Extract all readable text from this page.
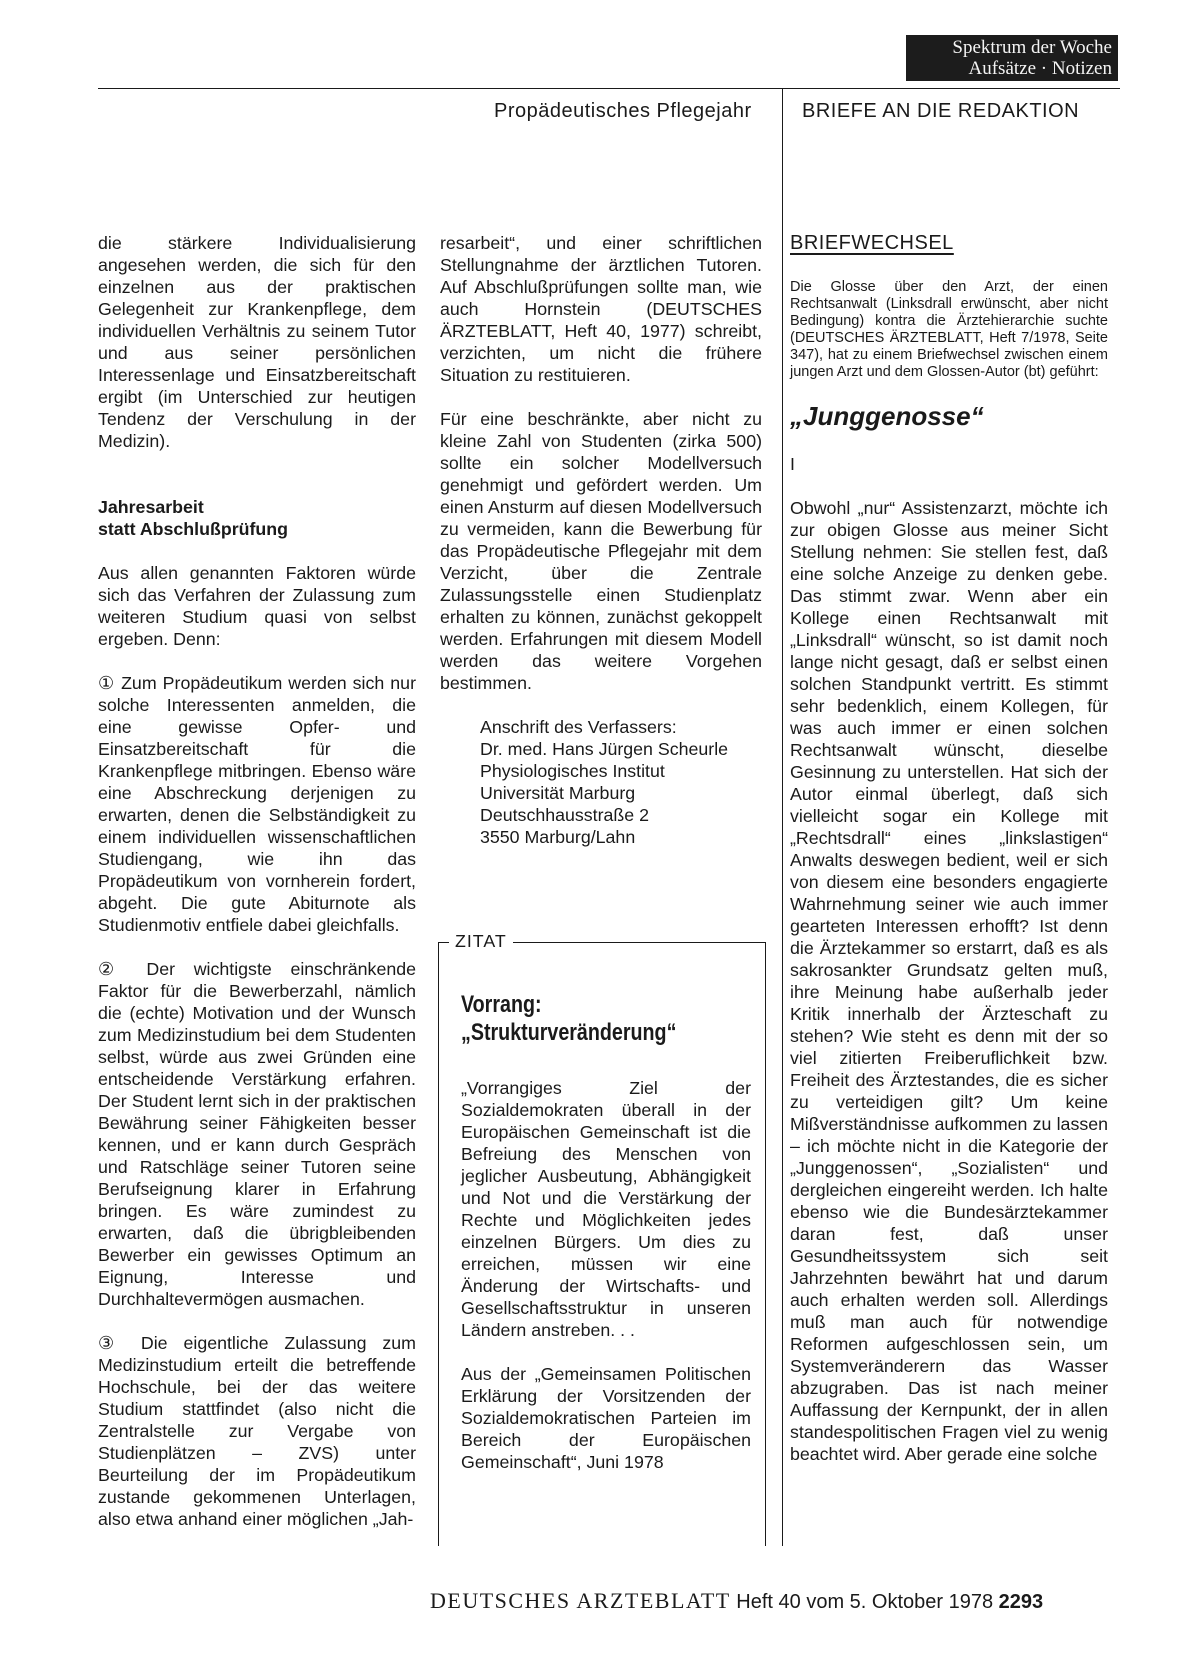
Spektrum der Woche
Aufsätze · Notizen
Propädeutisches Pflegejahr	BRIEFE AN DIE REDAKTION

die stärkere Individualisierung angesehen werden, die sich für den einzelnen aus der praktischen Gelegenheit zur Krankenpflege, dem individuellen Verhältnis zu seinem Tutor und aus seiner persönlichen Interessenlage und Einsatzbereitschaft ergibt (im Unterschied zur heutigen Tendenz der Verschulung in der Medizin).

Jahresarbeit
statt Abschlußprüfung

Aus allen genannten Faktoren würde sich das Verfahren der Zulassung zum weiteren Studium quasi von selbst ergeben. Denn:

① Zum Propädeutikum werden sich nur solche Interessenten anmelden, die eine gewisse Opfer- und Einsatzbereitschaft für die Krankenpflege mitbringen. Ebenso wäre eine Abschreckung derjenigen zu erwarten, denen die Selbständigkeit zu einem individuellen wissenschaftlichen Studiengang, wie ihn das Propädeutikum von vornherein fordert, abgeht. Die gute Abiturnote als Studienmotiv entfiele dabei gleichfalls.

② Der wichtigste einschränkende Faktor für die Bewerberzahl, nämlich die (echte) Motivation und der Wunsch zum Medizinstudium bei dem Studenten selbst, würde aus zwei Gründen eine entscheidende Verstärkung erfahren. Der Student lernt sich in der praktischen Bewährung seiner Fähigkeiten besser kennen, und er kann durch Gespräch und Ratschläge seiner Tutoren seine Berufseignung klarer in Erfahrung bringen. Es wäre zumindest zu erwarten, daß die übrigbleibenden Bewerber ein gewisses Optimum an Eignung, Interesse und Durchhaltevermögen ausmachen.

③ Die eigentliche Zulassung zum Medizinstudium erteilt die betreffende Hochschule, bei der das weitere Studium stattfindet (also nicht die Zentralstelle zur Vergabe von Studienplätzen – ZVS) unter Beurteilung der im Propädeutikum zustande gekommenen Unterlagen, also etwa anhand einer möglichen „Jah-

resarbeit“, und einer schriftlichen Stellungnahme der ärztlichen Tutoren. Auf Abschlußprüfungen sollte man, wie auch Hornstein (DEUTSCHES ÄRZTEBLATT, Heft 40, 1977) schreibt, verzichten, um nicht die frühere Situation zu restituieren.

Für eine beschränkte, aber nicht zu kleine Zahl von Studenten (zirka 500) sollte ein solcher Modellversuch genehmigt und gefördert werden. Um einen Ansturm auf diesen Modellversuch zu vermeiden, kann die Bewerbung für das Propädeutische Pflegejahr mit dem Verzicht, über die Zentrale Zulassungsstelle einen Studienplatz erhalten zu können, zunächst gekoppelt werden. Erfahrungen mit diesem Modell werden das weitere Vorgehen bestimmen.

Anschrift des Verfassers:
Dr. med. Hans Jürgen Scheurle
Physiologisches Institut
Universität Marburg
Deutschhausstraße 2
3550 Marburg/Lahn
ZITAT
Vorrang:
„Strukturveränderung“

„Vorrangiges Ziel der Sozialdemokraten überall in der Europäischen Gemeinschaft ist die Befreiung des Menschen von jeglicher Ausbeutung, Abhängigkeit und Not und die Verstärkung der Rechte und Möglichkeiten jedes einzelnen Bürgers. Um dies zu erreichen, müssen wir eine Änderung der Wirtschafts- und Gesellschaftsstruktur in unseren Ländern anstreben. . .

Aus der „Gemeinsamen Politischen Erklärung der Vorsitzenden der Sozialdemokratischen Parteien im Bereich der Europäischen Gemeinschaft“, Juni 1978

BRIEFWECHSEL
Die Glosse über den Arzt, der einen Rechtsanwalt (Linksdrall erwünscht, aber nicht Bedingung) kontra die Ärztehierarchie suchte (DEUTSCHES ÄRZTEBLATT, Heft 7/1978, Seite 347), hat zu einem Briefwechsel zwischen einem jungen Arzt und dem Glossen-Autor (bt) geführt:
„Junggenosse“
I
Obwohl „nur“ Assistenzarzt, möchte ich zur obigen Glosse aus meiner Sicht Stellung nehmen: Sie stellen fest, daß eine solche Anzeige zu denken gebe. Das stimmt zwar. Wenn aber ein Kollege einen Rechtsanwalt mit „Linksdrall“ wünscht, so ist damit noch lange nicht gesagt, daß er selbst einen solchen Standpunkt vertritt. Es stimmt sehr bedenklich, einem Kollegen, für was auch immer er einen solchen Rechtsanwalt wünscht, dieselbe Gesinnung zu unterstellen. Hat sich der Autor einmal überlegt, daß sich vielleicht sogar ein Kollege mit „Rechtsdrall“ eines „linkslastigen“ Anwalts deswegen bedient, weil er sich von diesem eine besonders engagierte Wahrnehmung seiner wie auch immer gearteten Interessen erhofft? Ist denn die Ärztekammer so erstarrt, daß es als sakrosankter Grundsatz gelten muß, ihre Meinung habe außerhalb jeder Kritik innerhalb der Ärzteschaft zu stehen? Wie steht es denn mit der so viel zitierten Freiberuflichkeit bzw. Freiheit des Ärztestandes, die es sicher zu verteidigen gilt? Um keine Mißverständnisse aufkommen zu lassen – ich möchte nicht in die Kategorie der „Junggenossen“, „Sozialisten“ und dergleichen eingereiht werden. Ich halte ebenso wie die Bundesärztekammer daran fest, daß unser Gesundheitssystem sich seit Jahrzehnten bewährt hat und darum auch erhalten werden soll. Allerdings muß man auch für notwendige Reformen aufgeschlossen sein, um Systemveränderern das Wasser abzugraben. Das ist nach meiner Auffassung der Kernpunkt, der in allen standespolitischen Fragen viel zu wenig beachtet wird. Aber gerade eine solche
DEUTSCHES ARZTEBLATT Heft 40 vom 5. Oktober 1978 2293
